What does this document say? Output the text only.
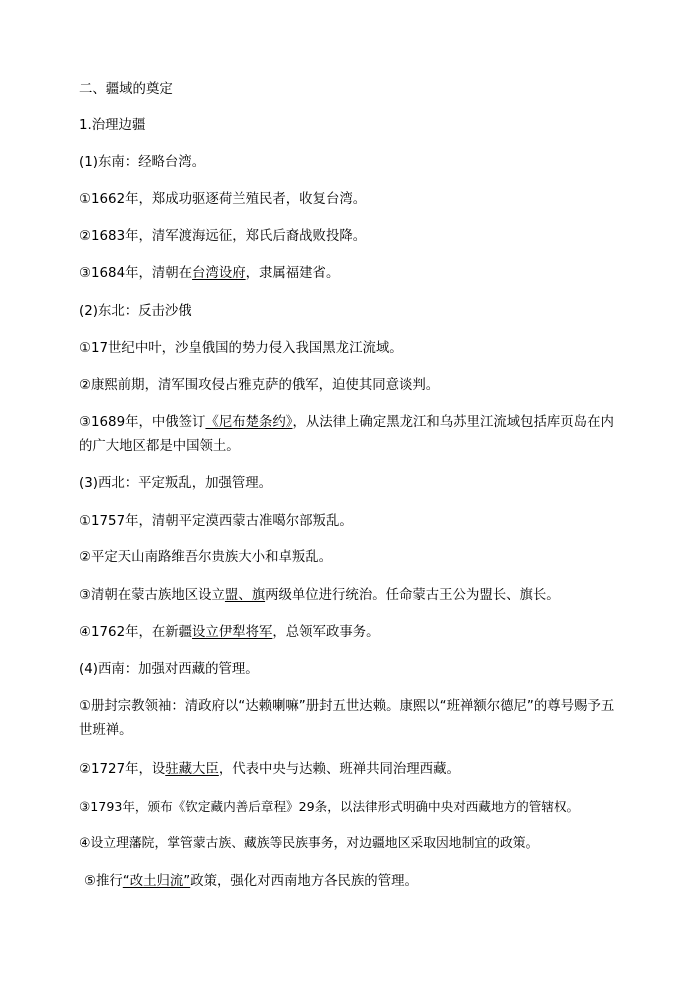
二、疆域的奠定
1.治理边疆
(1)东南：经略台湾。
①1662年，郑成功驱逐荷兰殖民者，收复台湾。
②1683年，清军渡海远征，郑氏后裔战败投降。
③1684年，清朝在台湾设府，隶属福建省。
(2)东北：反击沙俄
①17世纪中叶，沙皇俄国的势力侵入我国黑龙江流域。
②康熙前期，清军围攻侵占雅克萨的俄军，迫使其同意谈判。
③1689年，中俄签订《尼布楚条约》，从法律上确定黑龙江和乌苏里江流域包括库页岛在内的广大地区都是中国领土。
(3)西北：平定叛乱，加强管理。
①1757年，清朝平定漠西蒙古准噶尔部叛乱。
②平定天山南路维吾尔贵族大小和卓叛乱。
③清朝在蒙古族地区设立盟、旗两级单位进行统治。任命蒙古王公为盟长、旗长。
④1762年，在新疆设立伊犁将军，总领军政事务。
(4)西南：加强对西藏的管理。
①册封宗教领袖：清政府以“达赖喇嘛”册封五世达赖。康熙以“班禅额尔德尼”的尊号赐予五世班禅。
②1727年，设驻藏大臣，代表中央与达赖、班禅共同治理西藏。
③1793年，颁布《钦定藏内善后章程》29条，以法律形式明确中央对西藏地方的管辖权。
④设立理藩院，掌管蒙古族、藏族等民族事务，对边疆地区采取因地制宜的政策。
⑤推行“改土归流”政策，强化对西南地方各民族的管理。
